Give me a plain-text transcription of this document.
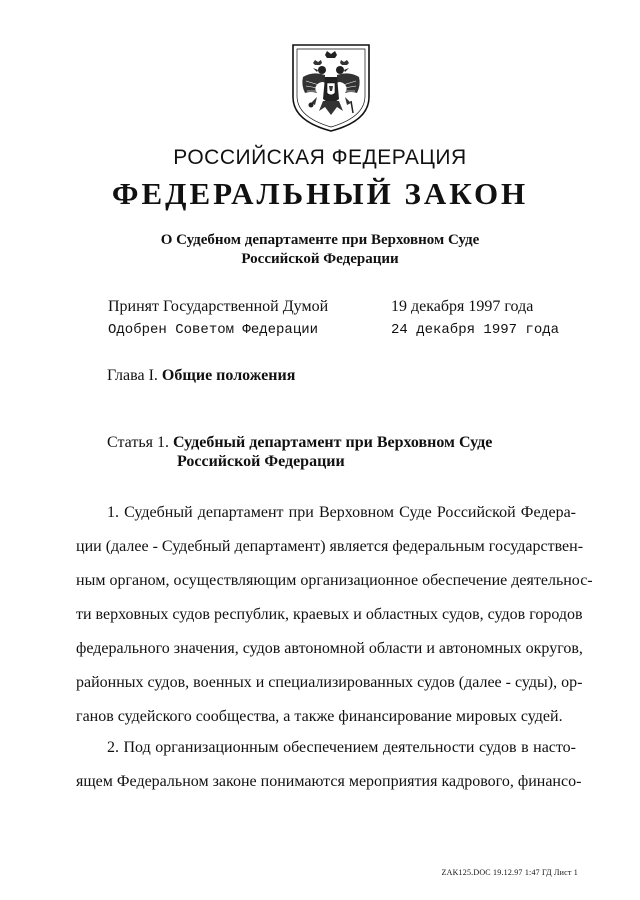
РОССИЙСКАЯ ФЕДЕРАЦИЯ
ФЕДЕРАЛЬНЫЙ ЗАКОН
О Судебном департаменте при Верховном Суде
Российской Федерации
Принят Государственной Думой	19 декабря 1997 года
Одобрен Советом Федерации	24 декабря 1997 года
Глава I. Общие положения
Статья 1. Судебный департамент при Верховном Суде
Российской Федерации
1. Судебный департамент при Верховном Суде Российской Федера-
ции (далее - Судебный департамент) является федеральным государствен-
ным органом, осуществляющим организационное обеспечение деятельнос-
ти верховных судов республик, краевых и областных судов, судов городов
федерального значения, судов автономной области и автономных округов,
районных судов, военных и специализированных судов (далее - суды), ор-
ганов судейского сообщества, а также финансирование мировых судей.
2. Под организационным обеспечением деятельности судов в насто-
ящем Федеральном законе понимаются мероприятия кадрового, финансо-
ZAK125.DOC 19.12.97 1:47 ГД Лист 1
